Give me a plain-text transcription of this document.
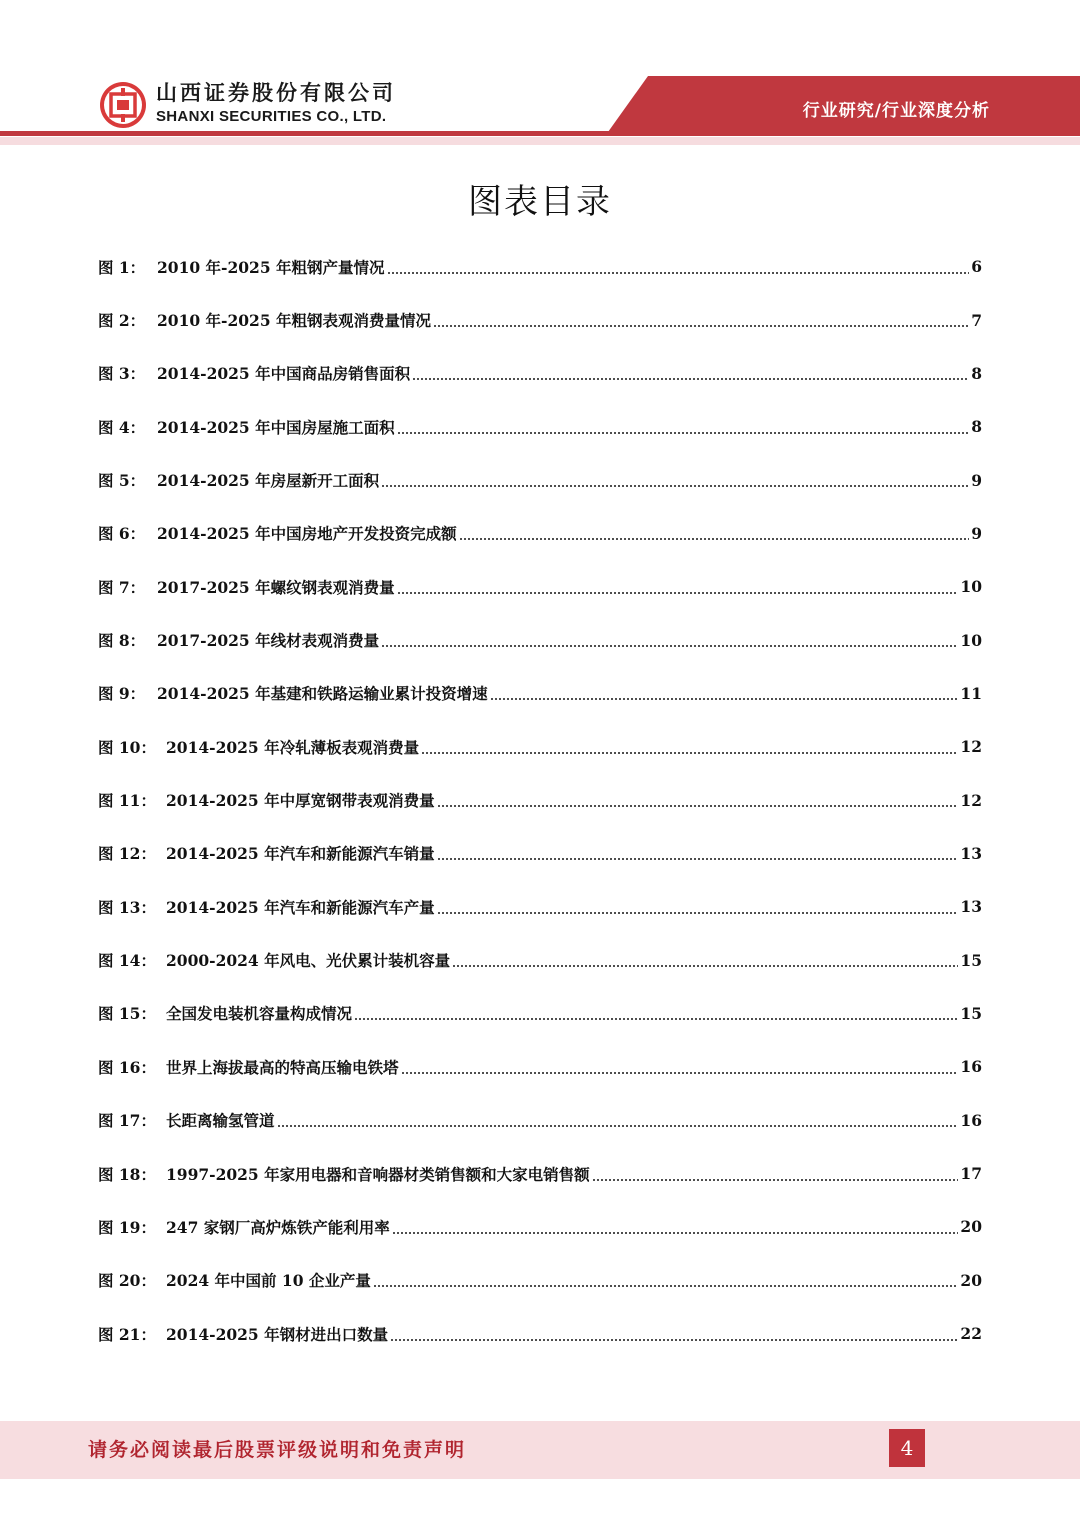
山西证券股份有限公司
SHANXI SECURITIES CO., LTD.	行业研究/行业深度分析
图表目录
图 1： 2010 年-2025 年粗钢产量情况	6
图 2： 2010 年-2025 年粗钢表观消费量情况	7
图 3： 2014-2025 年中国商品房销售面积	8
图 4： 2014-2025 年中国房屋施工面积	8
图 5： 2014-2025 年房屋新开工面积	9
图 6： 2014-2025 年中国房地产开发投资完成额	9
图 7： 2017-2025 年螺纹钢表观消费量	10
图 8： 2017-2025 年线材表观消费量	10
图 9： 2014-2025 年基建和铁路运输业累计投资增速	11
图 10： 2014-2025 年冷轧薄板表观消费量	12
图 11： 2014-2025 年中厚宽钢带表观消费量	12
图 12： 2014-2025 年汽车和新能源汽车销量	13
图 13： 2014-2025 年汽车和新能源汽车产量	13
图 14： 2000-2024 年风电、光伏累计装机容量	15
图 15： 全国发电装机容量构成情况	15
图 16： 世界上海拔最高的特高压输电铁塔	16
图 17： 长距离输氢管道	16
图 18： 1997-2025 年家用电器和音响器材类销售额和大家电销售额	17
图 19： 247 家钢厂高炉炼铁产能利用率	20
图 20： 2024 年中国前 10 企业产量	20
图 21： 2014-2025 年钢材进出口数量	22
请务必阅读最后股票评级说明和免责声明	4
